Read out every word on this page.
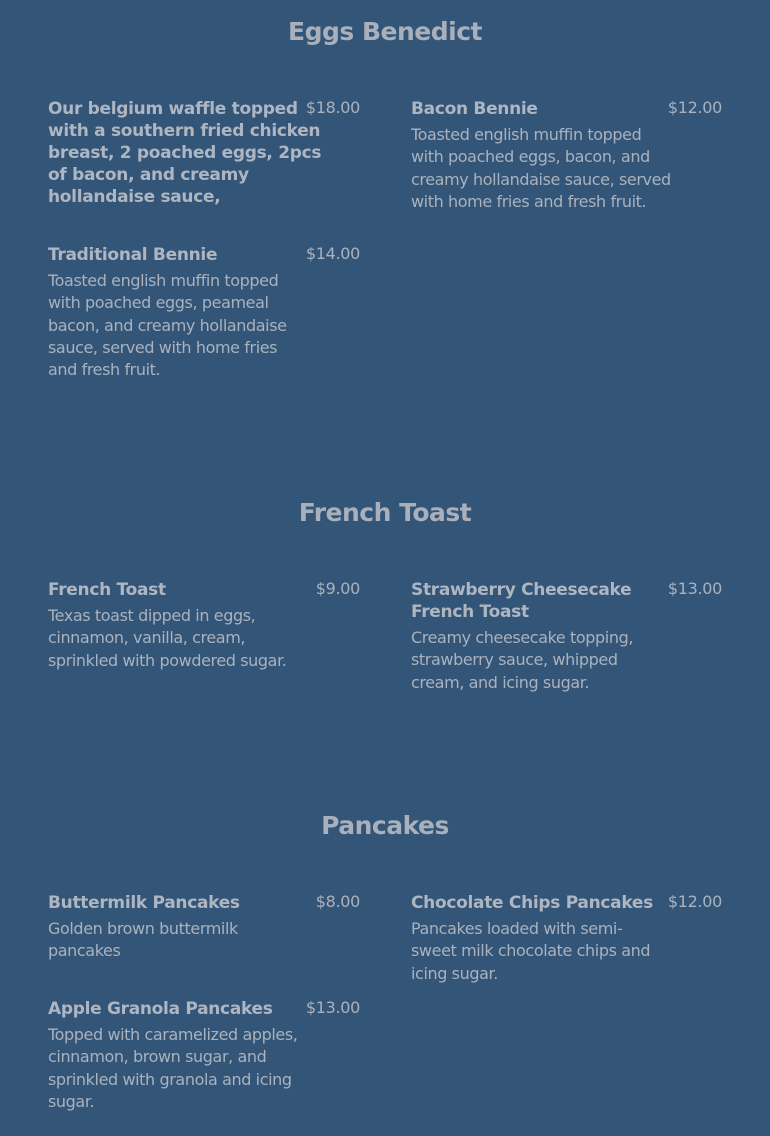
Eggs Benedict
Our belgium waffle topped with a southern fried chicken breast, 2 poached eggs, 2pcs of bacon, and creamy hollandaise sauce,
$18.00	Bacon Bennie
Toasted english muffin topped with poached eggs, bacon, and creamy hollandaise sauce, served with home fries and fresh fruit.
$12.00
Traditional Bennie
Toasted english muffin topped with poached eggs, peameal bacon, and creamy hollandaise sauce, served with home fries and fresh fruit.
$14.00
French Toast
French Toast
Texas toast dipped in eggs, cinnamon, vanilla, cream, sprinkled with powdered sugar.
$9.00	Strawberry Cheesecake French Toast
Creamy cheesecake topping, strawberry sauce, whipped cream, and icing sugar.
$13.00
Pancakes
Buttermilk Pancakes
Golden brown buttermilk pancakes
$8.00	Chocolate Chips Pancakes
Pancakes loaded with semi-sweet milk chocolate chips and icing sugar.
$12.00
Apple Granola Pancakes
Topped with caramelized apples, cinnamon, brown sugar, and sprinkled with granola and icing sugar.
$13.00
